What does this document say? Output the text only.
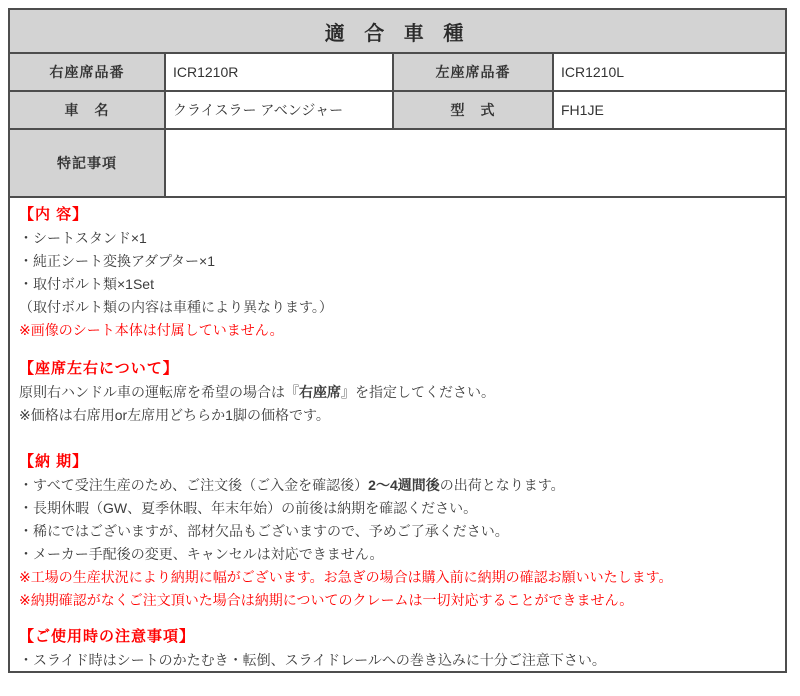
適 合 車 種			
右座席品番	ICR1210R	左座席品番	ICR1210L
車　名	クライスラー アベンジャー	型　式	FH1JE
特記事項			
【内 容】
・シートスタンド×1
・純正シート変換アダプター×1
・取付ボルト類×1Set
（取付ボルト類の内容は車種により異なります。）
※画像のシート本体は付属していません。
【座席左右について】
原則右ハンドル車の運転席を希望の場合は『右座席』を指定してください。
※価格は右席用or左席用どちらか1脚の価格です。
【納 期】
・すべて受注生産のため、ご注文後（ご入金を確認後）2～4週間後の出荷となります。
・長期休暇（GW、夏季休暇、年末年始）の前後は納期を確認ください。
・稀にではございますが、部材欠品もございますので、予めご了承ください。
・メーカー手配後の変更、キャンセルは対応できません。
※工場の生産状況により納期に幅がございます。お急ぎの場合は購入前に納期の確認お願いいたします。
※納期確認がなくご注文頂いた場合は納期についてのクレームは一切対応することができません。
【ご使用時の注意事項】
・スライド時はシートのかたむき・転倒、スライドレールへの巻き込みに十分ご注意下さい。
